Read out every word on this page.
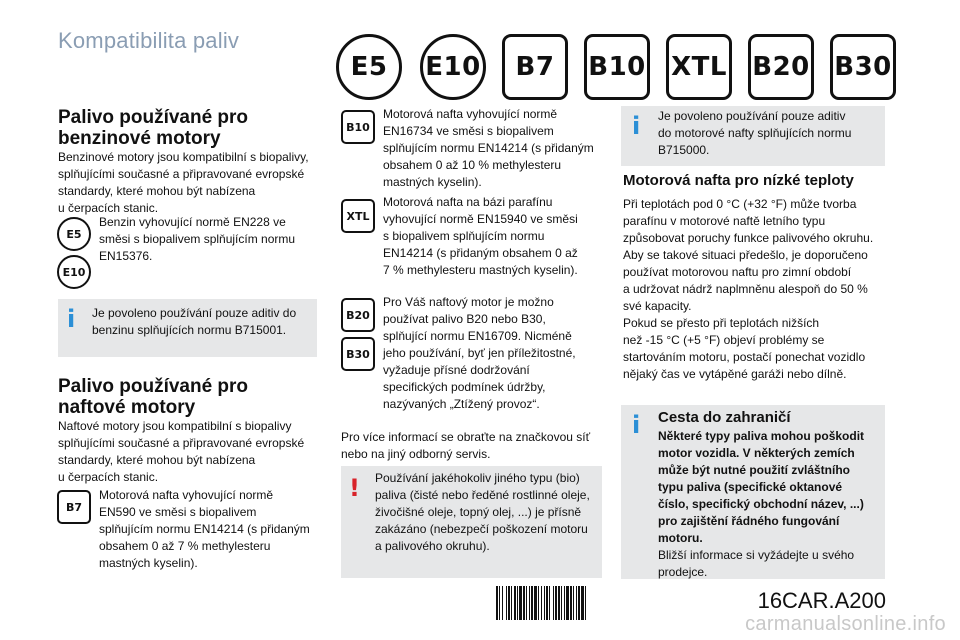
Kompatibilita paliv
E5	E10	B7	B10 XTL B20 B30
Palivo používané pro
benzinové motory
Benzinové motory jsou kompatibilní s biopalivy,
splňujícími současné a připravované evropské
standardy, které mohou být nabízena
u čerpacích stanic.
E5
E10
Benzin vyhovující normě EN228 ve
směsi s biopalivem splňujícím normu
EN15376.
i Je povoleno používání pouze aditiv do
benzinu splňujících normu B715001.
Palivo používané pro
naftové motory
Naftové motory jsou kompatibilní s biopalivy
splňujícími současné a připravované evropské
standardy, které mohou být nabízena
u čerpacích stanic.
B7
Motorová nafta vyhovující normě
EN590 ve směsi s biopalivem
splňujícím normu EN14214 (s přidaným
obsahem 0 až 7 % methylesteru
mastných kyselin).
B10
Motorová nafta vyhovující normě
EN16734 ve směsi s biopalivem
splňujícím normu EN14214 (s přidaným
obsahem 0 až 10 % methylesteru
mastných kyselin).
XTL
Motorová nafta na bázi parafínu
vyhovující normě EN15940 ve směsi
s biopalivem splňujícím normu
EN14214 (s přidaným obsahem 0 až
7 % methylesteru mastných kyselin).
B20
B30
Pro Váš naftový motor je možno
používat palivo B20 nebo B30,
splňující normu EN16709. Nicméně
jeho používání, byť jen příležitostné,
vyžaduje přísné dodržování
specifických podmínek údržby,
nazývaných „Ztížený provoz“.
Pro více informací se obraťte na značkovou síť
nebo na jiný odborný servis.
! Používání jakéhokoliv jiného typu (bio)
paliva (čisté nebo ředěné rostlinné oleje,
živočišné oleje, topný olej, ...) je přísně
zakázáno (nebezpečí poškození motoru
a palivového okruhu).
i Je povoleno používání pouze aditiv
do motorové nafty splňujících normu
B715000.
Motorová nafta pro nízké teploty
Při teplotách pod 0 °C (+32 °F) může tvorba
parafínu v motorové naftě letního typu
způsobovat poruchy funkce palivového okruhu.
Aby se takové situaci předešlo, je doporučeno
používat motorovou naftu pro zimní období
a udržovat nádrž naplmněnu alespoň do 50 %
své kapacity.
Pokud se přesto při teplotách nižších
než -15 °C (+5 °F) objeví problémy se
startováním motoru, postačí ponechat vozidlo
nějaký čas ve vytápěné garáži nebo dílně.
i Cesta do zahraničí
Některé typy paliva mohou poškodit
motor vozidla. V některých zemích
může být nutné použití zvláštního
typu paliva (specifické oktanové
číslo, specifický obchodní název, ...)
pro zajištění řádného fungování
motoru.
Bližší informace si vyžádejte u svého
prodejce.
16CAR.A200
carmanualsonline.info
